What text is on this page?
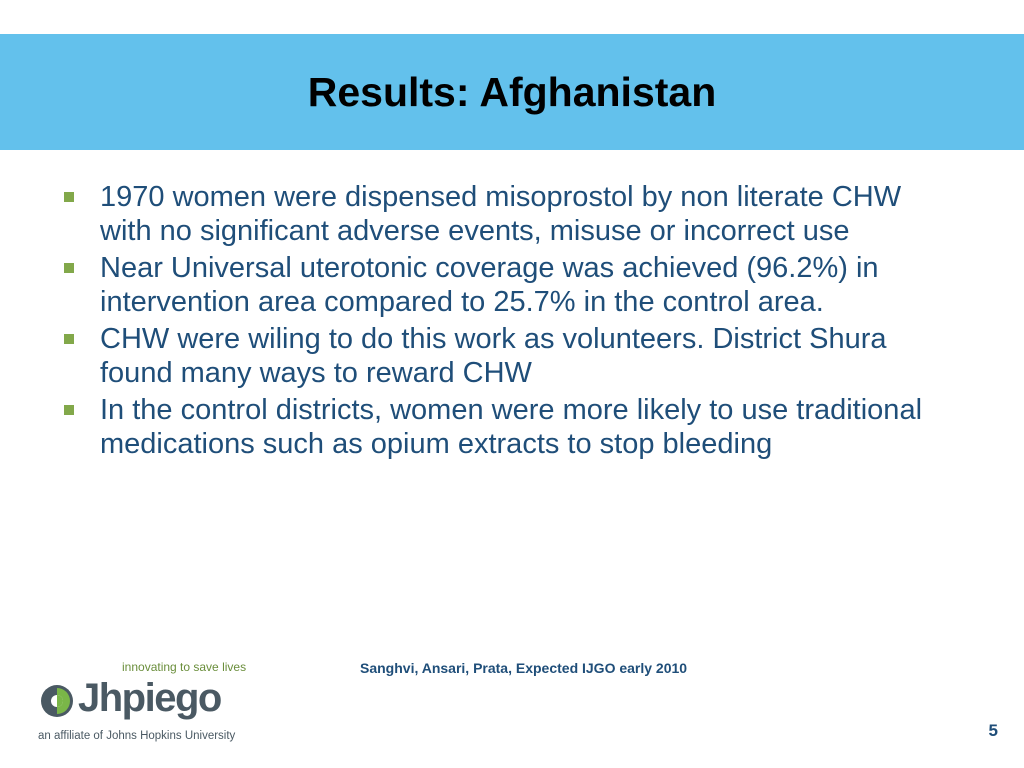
Results: Afghanistan
1970 women were dispensed misoprostol by non literate CHW with no significant adverse events, misuse or incorrect use
Near Universal uterotonic coverage was achieved (96.2%) in intervention area compared to 25.7% in the control area.
CHW were wiling to do this work as volunteers. District Shura found many ways to reward CHW
In the control districts, women were more likely to use traditional medications such as opium extracts to stop bleeding
Sanghvi, Ansari, Prata, Expected IJGO early 2010
innovating to save lives
Jhpiego
an affiliate of Johns Hopkins University	5
